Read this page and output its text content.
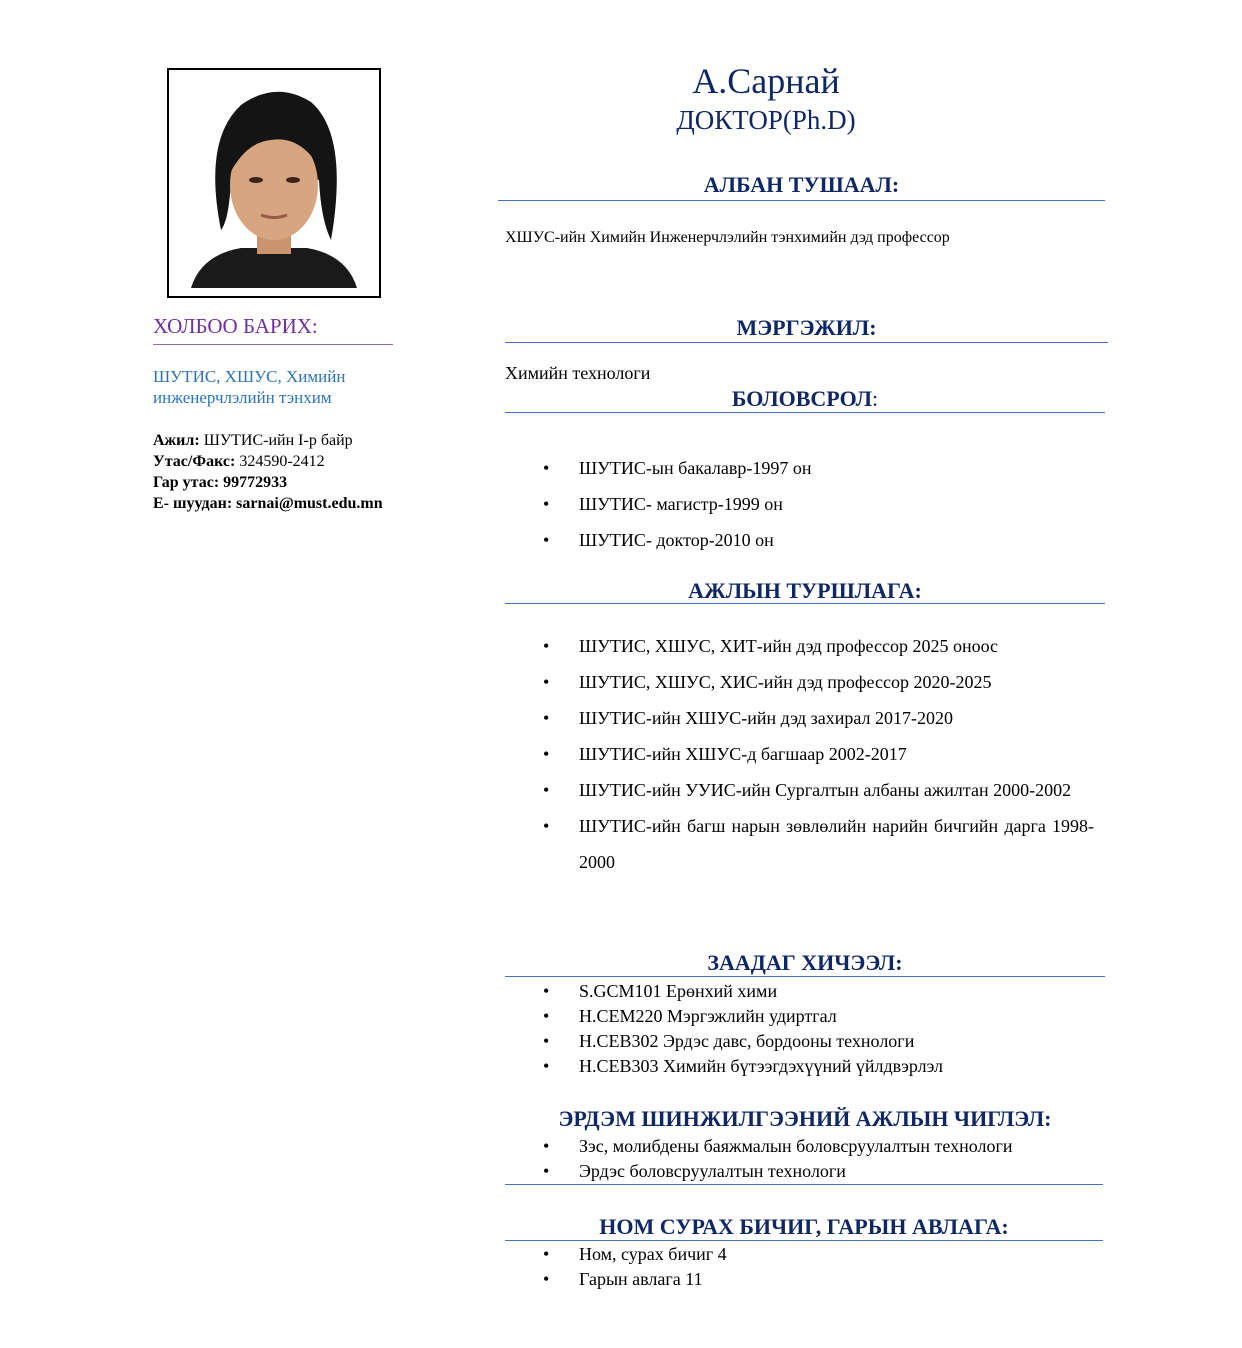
ХОЛБОО БАРИХ:
ШУТИС, ХШУС, Химийн инженерчлэлийн тэнхим
Ажил: ШУТИС-ийн I-р байр
Утас/Факс: 324590-2412
Гар утас: 99772933
E- шуудан: sarnai@must.edu.mn
А.Сарнай
ДОКТОР(Ph.D)
АЛБАН ТУШААЛ:
ХШУС-ийн Химийн Инженерчлэлийн тэнхимийн дэд профессор
МЭРГЭЖИЛ:
Химийн технологи
БОЛОВСРОЛ:
• ШУТИС-ын бакалавр-1997 он
• ШУТИС- магистр-1999 он
• ШУТИС- доктор-2010 он
АЖЛЫН ТУРШЛАГА:
• ШУТИС, ХШУС, ХИТ-ийн дэд профессор 2025 оноос
• ШУТИС, ХШУС, ХИС-ийн дэд профессор 2020-2025
• ШУТИС-ийн ХШУС-ийн дэд захирал 2017-2020
• ШУТИС-ийн ХШУС-д багшаар 2002-2017
• ШУТИС-ийн УУИС-ийн Сургалтын албаны ажилтан 2000-2002
• ШУТИС-ийн багш нарын зөвлөлийн нарийн бичгийн дарга 1998-2000
ЗААДАГ ХИЧЭЭЛ:
• S.GCM101 Ерөнхий хими
• H.CEM220 Мэргэжлийн удиртгал
• H.CEB302 Эрдэс давс, бордооны технологи
• H.CEB303 Химийн бүтээгдэхүүний үйлдвэрлэл
ЭРДЭМ ШИНЖИЛГЭЭНИЙ АЖЛЫН ЧИГЛЭЛ:
• Зэс, молибдены баяжмалын боловсруулалтын технологи
• Эрдэс боловсруулалтын технологи
НОМ СУРАХ БИЧИГ, ГАРЫН АВЛАГА:
• Ном, сурах бичиг 4
• Гарын авлага 11
